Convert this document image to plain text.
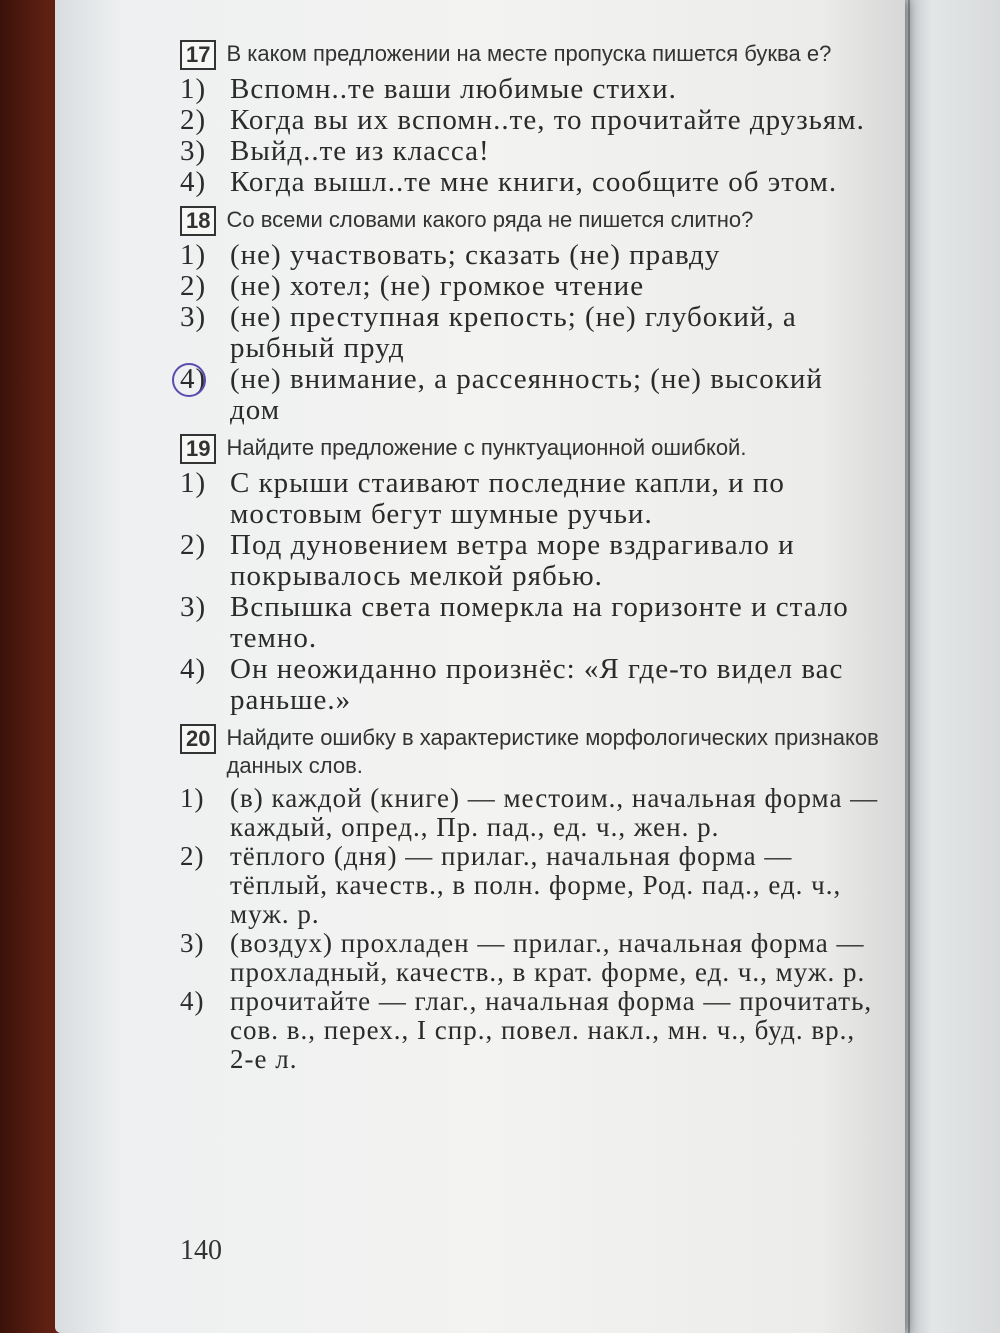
17 В каком предложении на месте пропуска пишется буква е?
1) Вспомн..те ваши любимые стихи.
2) Когда вы их вспомн..те, то прочитайте друзьям.
3) Выйд..те из класса!
4) Когда вышл..те мне книги, сообщите об этом.
18 Со всеми словами какого ряда не пишется слитно?
1) (не) участвовать; сказать (не) правду
2) (не) хотел; (не) громкое чтение
3) (не) преступная крепость; (не) глубокий, а рыбный пруд
4) (не) внимание, а рассеянность; (не) высокий дом
19 Найдите предложение с пунктуационной ошибкой.
1) С крыши стаивают последние капли, и по мостовым бегут шумные ручьи.
2) Под дуновением ветра море вздрагивало и покрывалось мелкой рябью.
3) Вспышка света померкла на горизонте и стало темно.
4) Он неожиданно произнёс: «Я где-то видел вас раньше.»
20 Найдите ошибку в характеристике морфологических признаков данных слов.
1) (в) каждой (книге) — местоим., начальная форма — каждый, опред., Пр. пад., ед. ч., жен. р.
2) тёплого (дня) — прилаг., начальная форма — тёплый, качеств., в полн. форме, Род. пад., ед. ч., муж. р.
3) (воздух) прохладен — прилаг., начальная форма — прохладный, качеств., в крат. форме, ед. ч., муж. р.
4) прочитайте — глаг., начальная форма — прочитать, сов. в., перех., I спр., повел. накл., мн. ч., буд. вр., 2-е л.
140
